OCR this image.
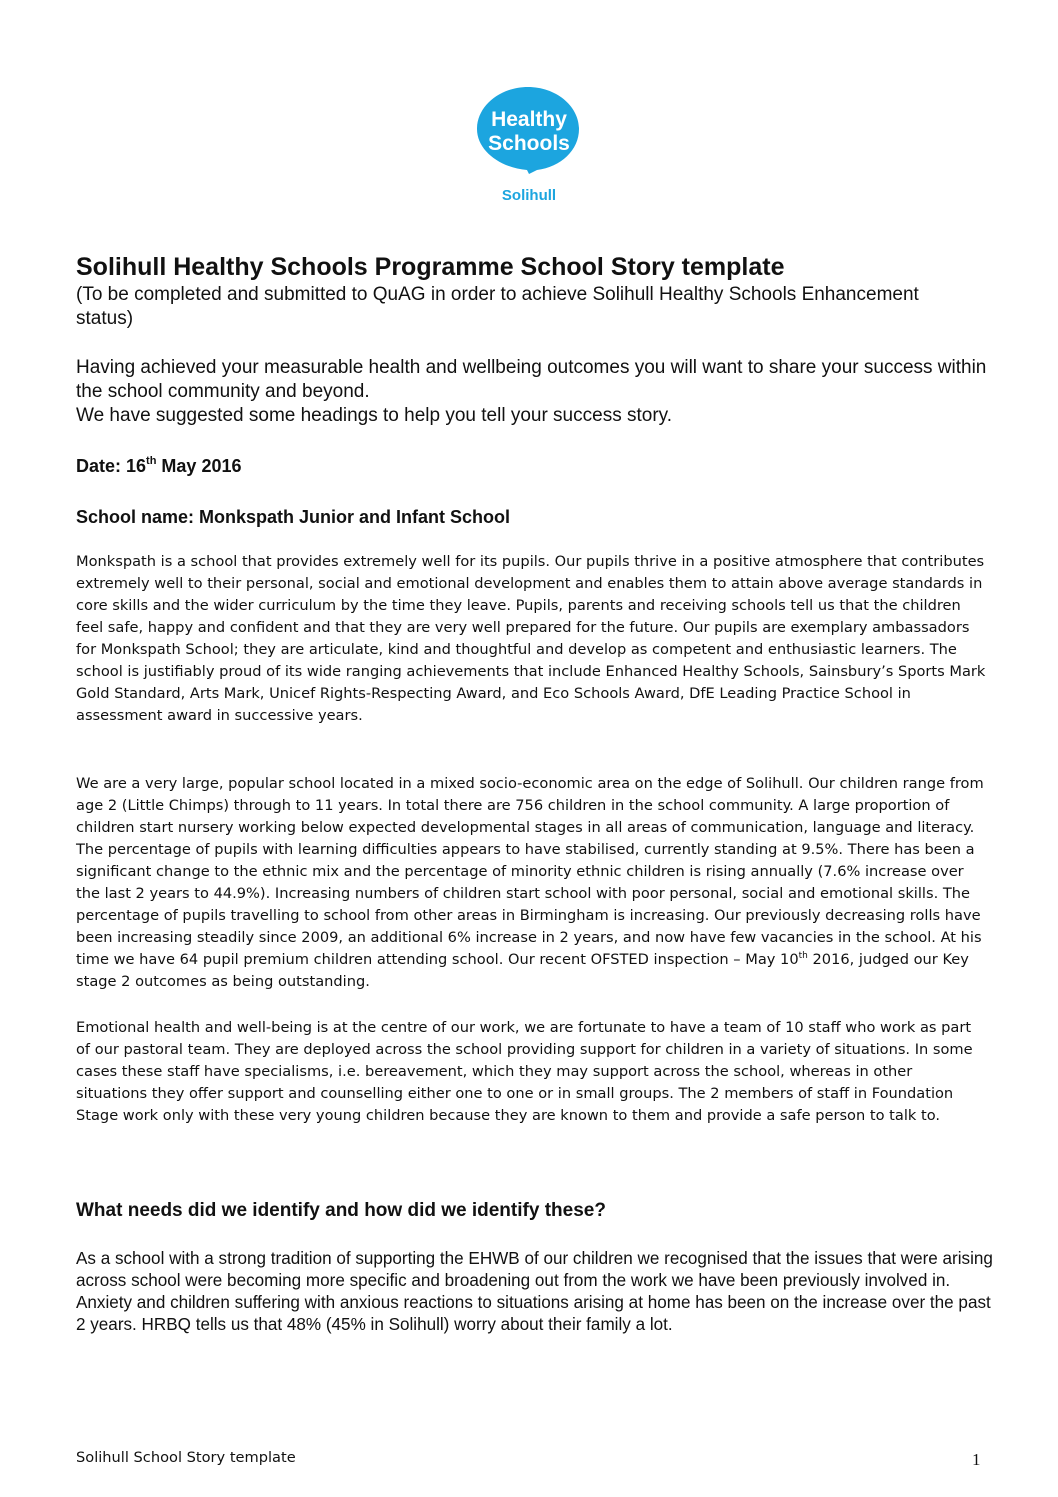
Healthy
Schools
Solihull
Solihull Healthy Schools Programme School Story template

(To be completed and submitted to QuAG in order to achieve Solihull Healthy Schools Enhancement status)

Having achieved your measurable health and wellbeing outcomes you will want to share your success within the school community and beyond.

We have suggested some headings to help you tell your success story.

Date: 16th May 2016

School name: Monkspath Junior and Infant School

Monkspath is a school that provides extremely well for its pupils. Our pupils thrive in a positive atmosphere that contributes extremely well to their personal, social and emotional development and enables them to attain above average standards in core skills and the wider curriculum by the time they leave. Pupils, parents and receiving schools tell us that the children feel safe, happy and confident and that they are very well prepared for the future. Our pupils are exemplary ambassadors for Monkspath School; they are articulate, kind and thoughtful and develop as competent and enthusiastic learners. The school is justifiably proud of its wide ranging achievements that include Enhanced Healthy Schools, Sainsbury’s Sports Mark Gold Standard, Arts Mark, Unicef Rights-Respecting Award, and Eco Schools Award, DfE Leading Practice School in assessment award in successive years.

We are a very large, popular school located in a mixed socio-economic area on the edge of Solihull. Our children range from age 2 (Little Chimps) through to 11 years. In total there are 756 children in the school community. A large proportion of children start nursery working below expected developmental stages in all areas of communication, language and literacy. The percentage of pupils with learning difficulties appears to have stabilised, currently standing at 9.5%. There has been a significant change to the ethnic mix and the percentage of minority ethnic children is rising annually (7.6% increase over the last 2 years to 44.9%). Increasing numbers of children start school with poor personal, social and emotional skills. The percentage of pupils travelling to school from other areas in Birmingham is increasing. Our previously decreasing rolls have been increasing steadily since 2009, an additional 6% increase in 2 years, and now have few vacancies in the school. At his time we have 64 pupil premium children attending school. Our recent OFSTED inspection – May 10th 2016, judged our Key stage 2 outcomes as being outstanding.

Emotional health and well-being is at the centre of our work, we are fortunate to have a team of 10 staff who work as part of our pastoral team. They are deployed across the school providing support for children in a variety of situations. In some cases these staff have specialisms, i.e. bereavement, which they may support across the school, whereas in other situations they offer support and counselling either one to one or in small groups. The 2 members of staff in Foundation Stage work only with these very young children because they are known to them and provide a safe person to talk to.

What needs did we identify and how did we identify these?

As a school with a strong tradition of supporting the EHWB of our children we recognised that the issues that were arising across school were becoming more specific and broadening out from the work we have been previously involved in. Anxiety and children suffering with anxious reactions to situations arising at home has been on the increase over the past 2 years. HRBQ tells us that 48% (45% in Solihull) worry about their family a lot.

Solihull School Story template	1
